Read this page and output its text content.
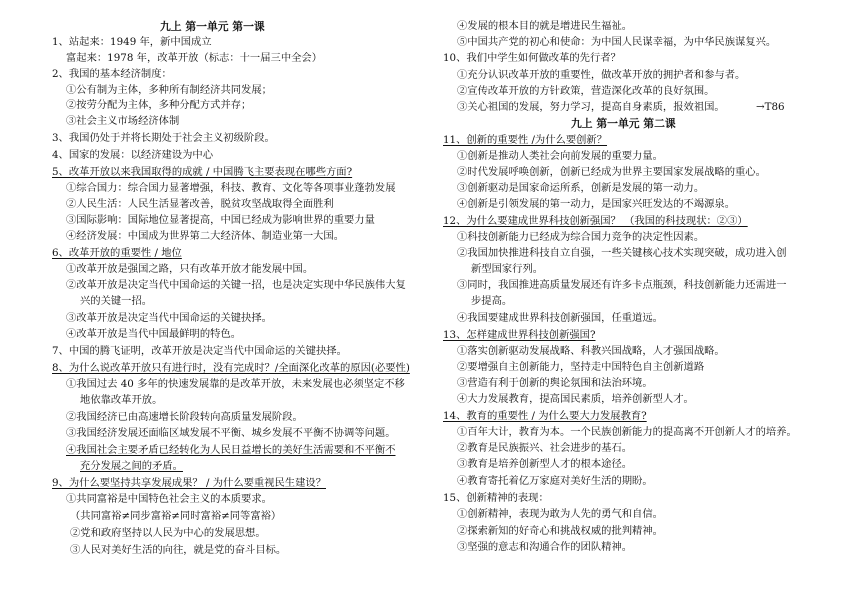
九上 第一单元 第一课
1、站起来：1949 年，新中国成立
富起来：1978 年，改革开放（标志：十一届三中全会）
2、我国的基本经济制度：
①公有制为主体，多种所有制经济共同发展；
②按劳分配为主体，多种分配方式并存；
③社会主义市场经济体制
3、我国仍处于并将长期处于社会主义初级阶段。
4、国家的发展：以经济建设为中心
5、改革开放以来我国取得的成就 / 中国腾飞主要表现在哪些方面?
①综合国力：综合国力显著增强，科技、教育、文化等各项事业蓬勃发展
②人民生活：人民生活显著改善，脱贫攻坚战取得全面胜利
③国际影响：国际地位显著提高，中国已经成为影响世界的重要力量
④经济发展：中国成为世界第二大经济体、制造业第一大国。
6、改革开放的重要性 / 地位
①改革开放是强国之路，只有改革开放才能发展中国。
②改革开放是决定当代中国命运的关键一招，也是决定实现中华民族伟大复
兴的关键一招。
③改革开放是决定当代中国命运的关键抉择。
④改革开放是当代中国最鲜明的特色。
7、中国的腾飞证明，改革开放是决定当代中国命运的关键抉择。
8、为什么说改革开放只有进行时，没有完成时？/全面深化改革的原因(必要性)
①我国过去 40 多年的快速发展靠的是改革开放，未来发展也必须坚定不移
地依靠改革开放。
②我国经济已由高速增长阶段转向高质量发展阶段。
③我国经济发展还面临区域发展不平衡、城乡发展不平衡不协调等问题。
④我国社会主要矛盾已经转化为人民日益增长的美好生活需要和不平衡不
充分发展之间的矛盾。
9、为什么要坚持共享发展成果？ / 为什么要重视民生建设？
①共同富裕是中国特色社会主义的本质要求。
（共同富裕≠同步富裕≠同时富裕≠同等富裕）
②党和政府坚持以人民为中心的发展思想。
③人民对美好生活的向往，就是党的奋斗目标。
④发展的根本目的就是增进民生福祉。
⑤中国共产党的初心和使命：为中国人民谋幸福，为中华民族谋复兴。
10、我们中学生如何做改革的先行者？
①充分认识改革开放的重要性，做改革开放的拥护者和参与者。
②宣传改革开放的方针政策，营造深化改革的良好氛围。
③关心祖国的发展，努力学习，提高自身素质，报效祖国。	→T86
九上 第一单元 第二课
11、创新的重要性 /为什么要创新？
①创新是推动人类社会向前发展的重要力量。
②时代发展呼唤创新，创新已经成为世界主要国家发展战略的重心。
③创新驱动是国家命运所系，创新是发展的第一动力。
④创新是引领发展的第一动力，是国家兴旺发达的不竭源泉。
12、为什么要建成世界科技创新强国？ （我国的科技现状：②③）
①科技创新能力已经成为综合国力竞争的决定性因素。
②我国加快推进科技自立自强，一些关键核心技术实现突破，成功进入创
新型国家行列。
③同时，我国推进高质量发展还有许多卡点瓶颈，科技创新能力还需进一
步提高。
④我国要建成世界科技创新强国，任重道远。
13、怎样建成世界科技创新强国?
①落实创新驱动发展战略、科教兴国战略，人才强国战略。
②要增强自主创新能力，坚持走中国特色自主创新道路
③营造有利于创新的舆论氛围和法治环境。
④大力发展教育，提高国民素质，培养创新型人才。
14、教育的重要性 / 为什么要大力发展教育?
①百年大计，教育为本。一个民族创新能力的提高离不开创新人才的培养。
②教育是民族振兴、社会进步的基石。
③教育是培养创新型人才的根本途径。
④教育寄托着亿万家庭对美好生活的期盼。
15、创新精神的表现：
①创新精神，表现为敢为人先的勇气和自信。
②探索新知的好奇心和挑战权威的批判精神。
③坚强的意志和沟通合作的团队精神。
